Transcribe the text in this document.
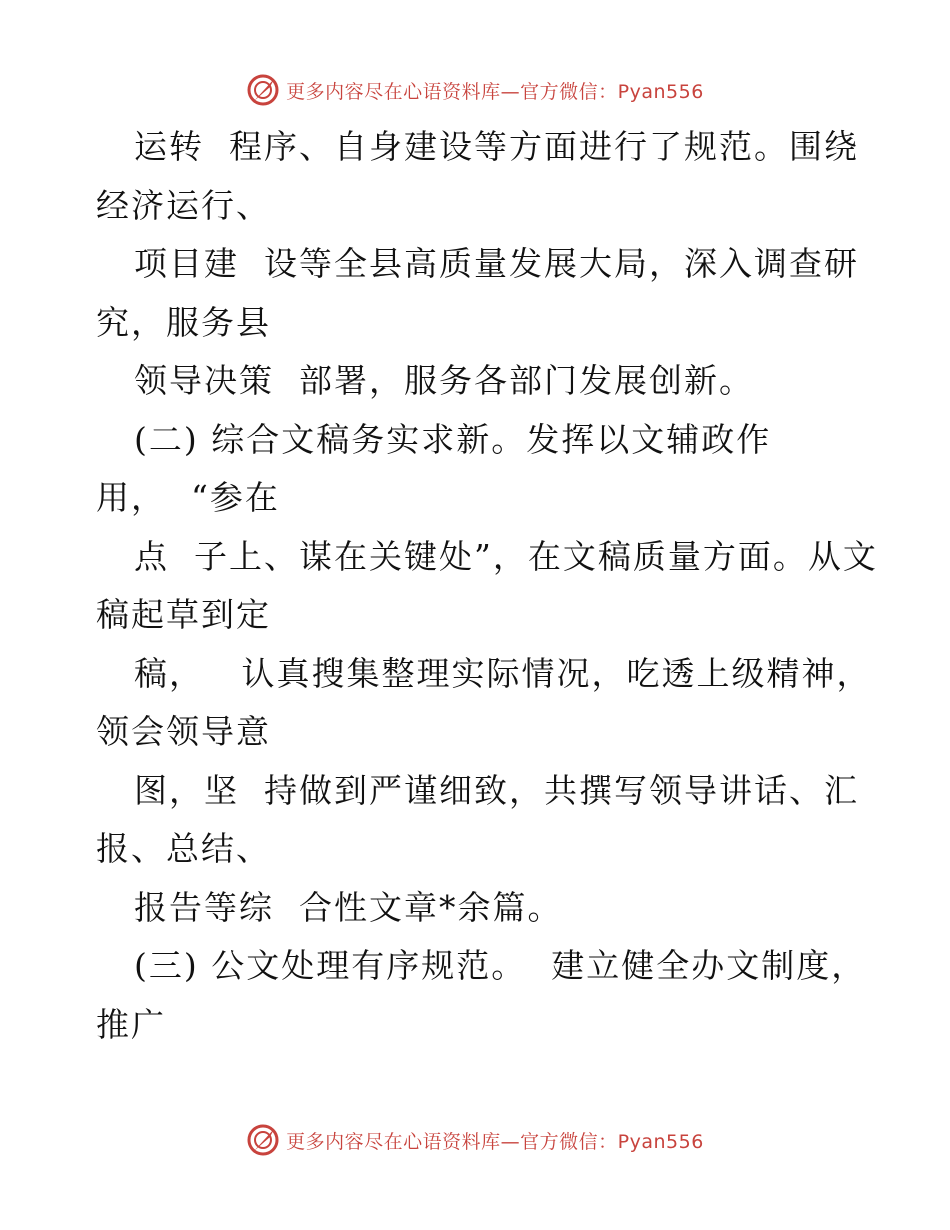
更多内容尽在心语资料库—官方微信：Pyan556
运转  程序、自身建设等方面进行了规范。围绕
经济运行、
项目建  设等全县高质量发展大局，深入调查研
究，服务县
领导决策  部署，服务各部门发展创新。
(二) 综合文稿务实求新。发挥以文辅政作
用，  “参在
点  子上、谋在关键处”，在文稿质量方面。从文
稿起草到定
稿，   认真搜集整理实际情况，吃透上级精神，
领会领导意
图，坚  持做到严谨细致，共撰写领导讲话、汇
报、总结、
报告等综  合性文章*余篇。
(三) 公文处理有序规范。  建立健全办文制度，
推广
更多内容尽在心语资料库—官方微信：Pyan556
